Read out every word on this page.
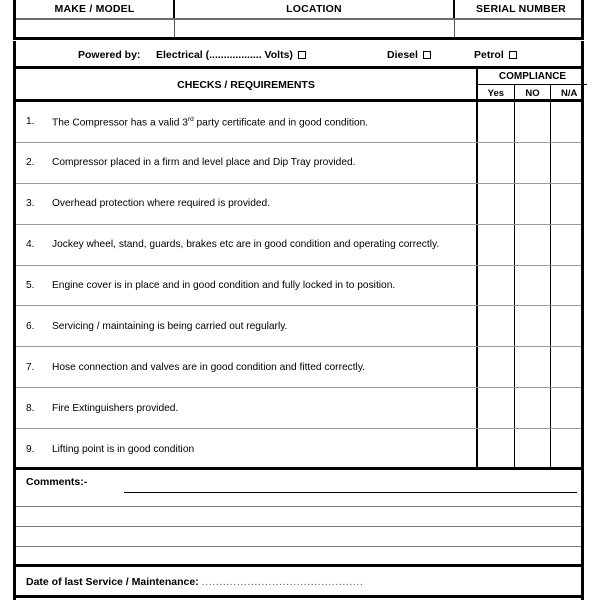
MAKE / MODEL	LOCATION	SERIAL NUMBER
Powered by: Electrical (.................. Volts)	Diesel	Petrol
CHECKS / REQUIREMENTS
COMPLIANCE
Yes	NO	N/A
1.	The Compressor has a valid 3rd party certificate and in good condition.
2.	Compressor placed in a firm and level place and Dip Tray provided.
3.	Overhead protection where required is provided.
4.	Jockey wheel, stand, guards, brakes etc are in good condition and operating correctly.
5.	Engine cover is in place and in good condition and fully locked in to position.
6.	Servicing / maintaining is being carried out regularly.
7.	Hose connection and valves are in good condition and fitted correctly.
8.	Fire Extinguishers provided.
9.	Lifting point is in good condition
Comments:-
Date of last Service / Maintenance: ..............................................
